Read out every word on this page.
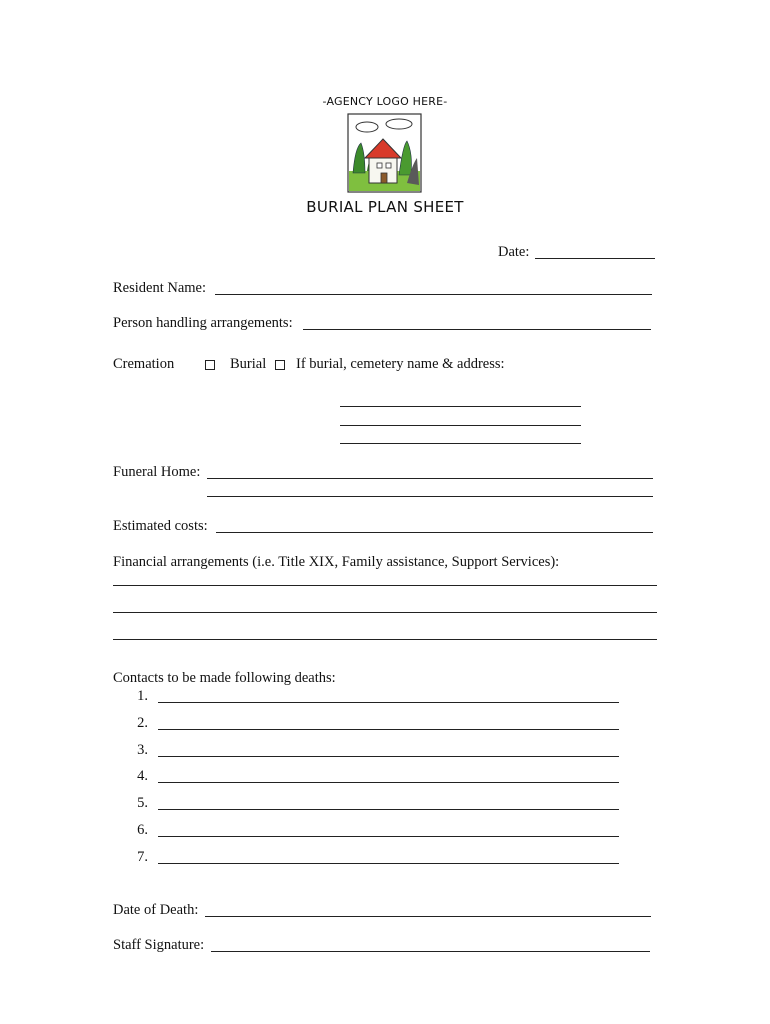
-AGENCY LOGO HERE-
BURIAL PLAN SHEET
Date:
Resident Name:
Person handling arrangements:
Cremation	Burial If burial, cemetery name & address:
Funeral Home:
Estimated costs:
Financial arrangements (i.e. Title XIX, Family assistance, Support Services):
Contacts to be made following deaths:
1.
2.
3.
4.
5.
6.
7.
Date of Death:
Staff Signature:
